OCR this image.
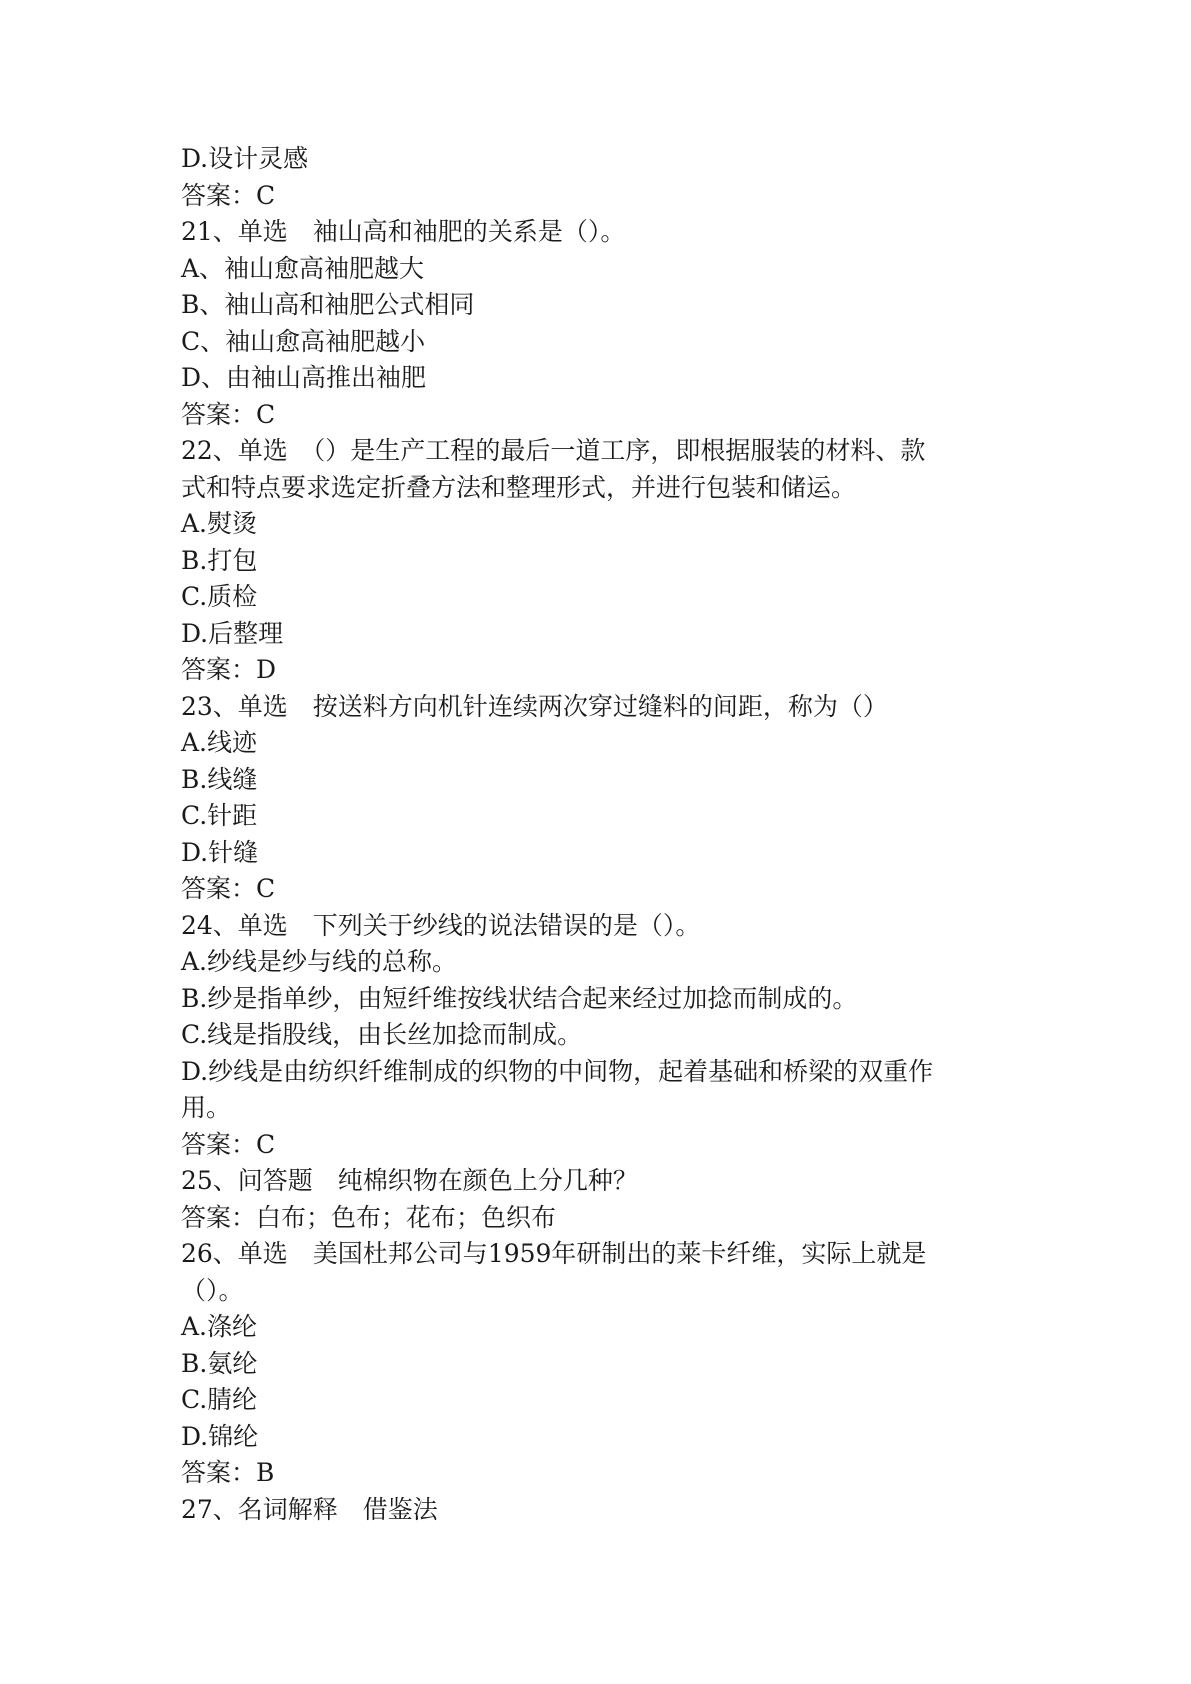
D.设计灵感

答案：C

21、单选　袖山高和袖肥的关系是（）。

A、袖山愈高袖肥越大

B、袖山高和袖肥公式相同

C、袖山愈高袖肥越小

D、由袖山高推出袖肥

答案：C

22、单选　（）是生产工程的最后一道工序，即根据服装的材料、款

式和特点要求选定折叠方法和整理形式，并进行包装和储运。

A.熨烫

B.打包

C.质检

D.后整理

答案：D

23、单选　按送料方向机针连续两次穿过缝料的间距，称为（）

A.线迹

B.线缝

C.针距

D.针缝

答案：C

24、单选　下列关于纱线的说法错误的是（）。

A.纱线是纱与线的总称。

B.纱是指单纱，由短纤维按线状结合起来经过加捻而制成的。

C.线是指股线，由长丝加捻而制成。

D.纱线是由纺织纤维制成的织物的中间物，起着基础和桥梁的双重作

用。

答案：C

25、问答题　纯棉织物在颜色上分几种？

答案：白布；色布；花布；色织布

26、单选　美国杜邦公司与1959年研制出的莱卡纤维，实际上就是

（）。

A.涤纶

B.氨纶

C.腈纶

D.锦纶

答案：B

27、名词解释　借鉴法
